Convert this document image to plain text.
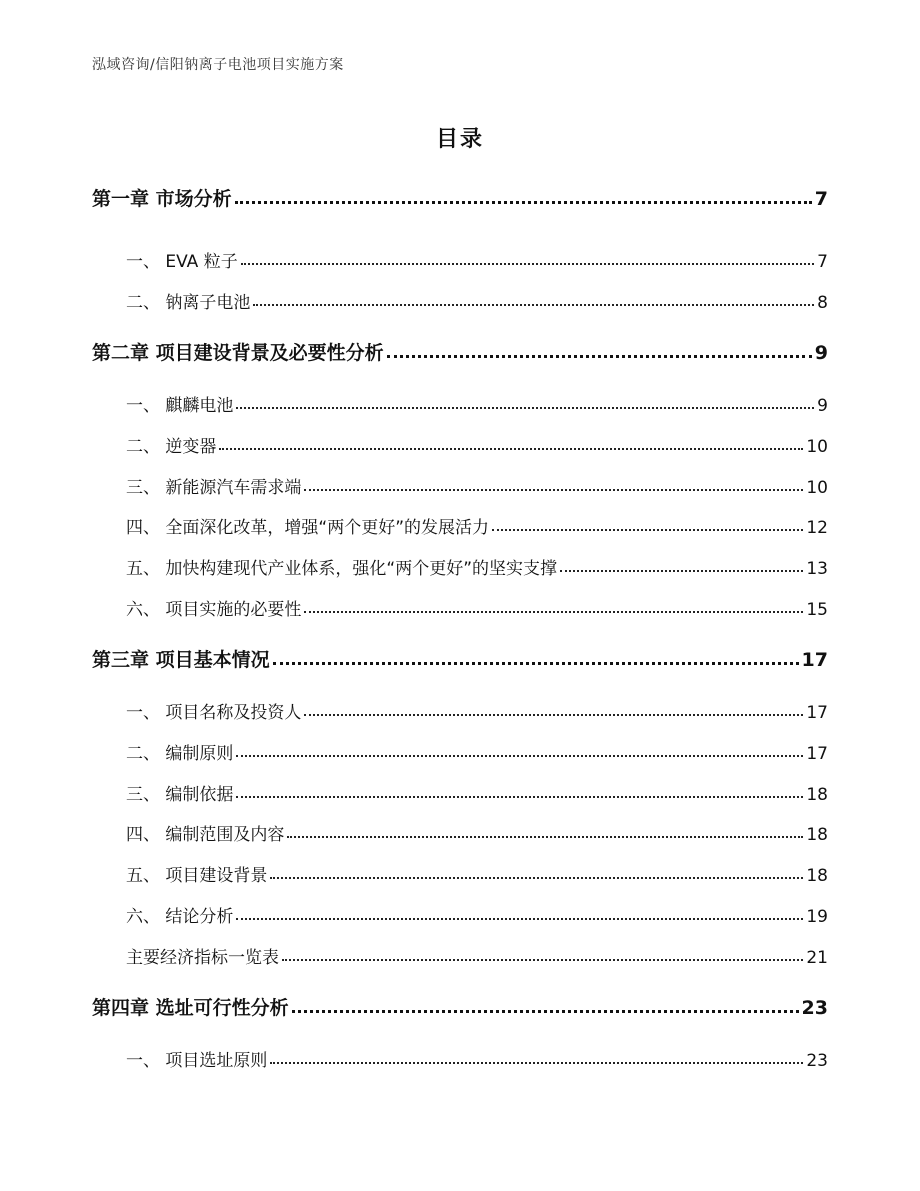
泓域咨询/信阳钠离子电池项目实施方案
目录
第一章 市场分析	7
一、 EVA 粒子	7
二、 钠离子电池	8
第二章 项目建设背景及必要性分析	9
一、 麒麟电池	9
二、 逆变器	10
三、 新能源汽车需求端	10
四、 全面深化改革，增强“两个更好”的发展活力	12
五、 加快构建现代产业体系，强化“两个更好”的坚实支撑	13
六、 项目实施的必要性	15
第三章 项目基本情况	17
一、 项目名称及投资人	17
二、 编制原则	17
三、 编制依据	18
四、 编制范围及内容	18
五、 项目建设背景	18
六、 结论分析	19
主要经济指标一览表	21
第四章 选址可行性分析	23
一、 项目选址原则	23
